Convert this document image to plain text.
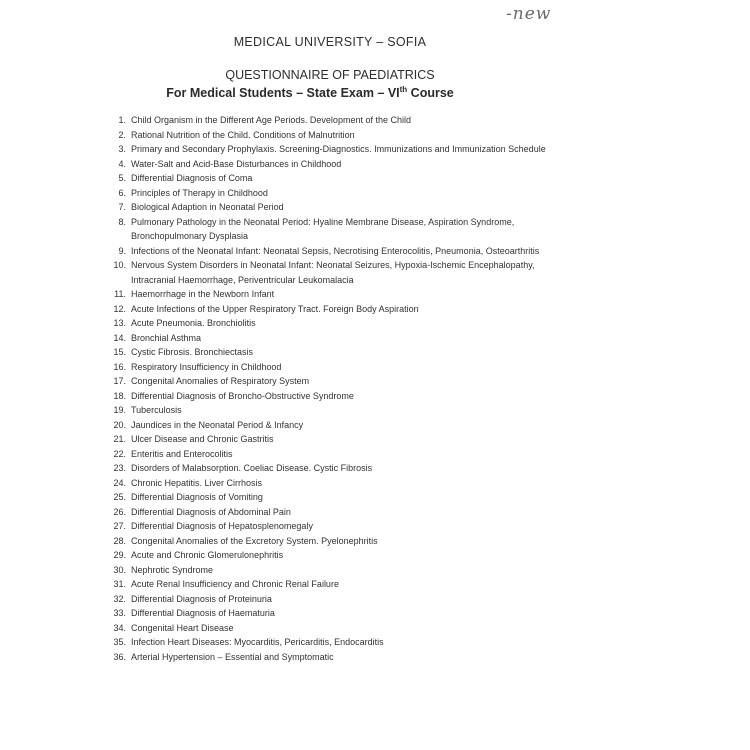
-new
MEDICAL UNIVERSITY – SOFIA
QUESTIONNAIRE OF PAEDIATRICS
For Medical Students – State Exam – VIth Course
1. Child Organism in the Different Age Periods. Development of the Child
2. Rational Nutrition of the Child. Conditions of Malnutrition
3. Primary and Secondary Prophylaxis. Screening-Diagnostics. Immunizations and Immunization Schedule
4. Water-Salt and Acid-Base Disturbances in Childhood
5. Differential Diagnosis of Coma
6. Principles of Therapy in Childhood
7. Biological Adaption in Neonatal Period
8. Pulmonary Pathology in the Neonatal Period: Hyaline Membrane Disease, Aspiration Syndrome, Bronchopulmonary Dysplasia
9. Infections of the Neonatal Infant: Neonatal Sepsis, Necrotising Enterocolitis, Pneumonia, Osteoarthritis
10. Nervous System Disorders in Neonatal Infant: Neonatal Seizures, Hypoxia-Ischemic Encephalopathy, Intracranial Haemorrhage, Periventricular Leukomalacia
11. Haemorrhage in the Newborn Infant
12. Acute Infections of the Upper Respiratory Tract. Foreign Body Aspiration
13. Acute Pneumonia. Bronchiolitis
14. Bronchial Asthma
15. Cystic Fibrosis. Bronchiectasis
16. Respiratory Insufficiency in Childhood
17. Congenital Anomalies of Respiratory System
18. Differential Diagnosis of Broncho-Obstructive Syndrome
19. Tuberculosis
20. Jaundices in the Neonatal Period & Infancy
21. Ulcer Disease and Chronic Gastritis
22. Enteritis and Enterocolitis
23. Disorders of Malabsorption. Coeliac Disease. Cystic Fibrosis
24. Chronic Hepatitis. Liver Cirrhosis
25. Differential Diagnosis of Vomiting
26. Differential Diagnosis of Abdominal Pain
27. Differential Diagnosis of Hepatosplenomegaly
28. Congenital Anomalies of the Excretory System. Pyelonephritis
29. Acute and Chronic Glomerulonephritis
30. Nephrotic Syndrome
31. Acute Renal Insufficiency and Chronic Renal Failure
32. Differential Diagnosis of Proteinuria
33. Differential Diagnosis of Haematuria
34. Congenital Heart Disease
35. Infection Heart Diseases: Myocarditis, Pericarditis, Endocarditis
36. Arterial Hypertension – Essential and Symptomatic
